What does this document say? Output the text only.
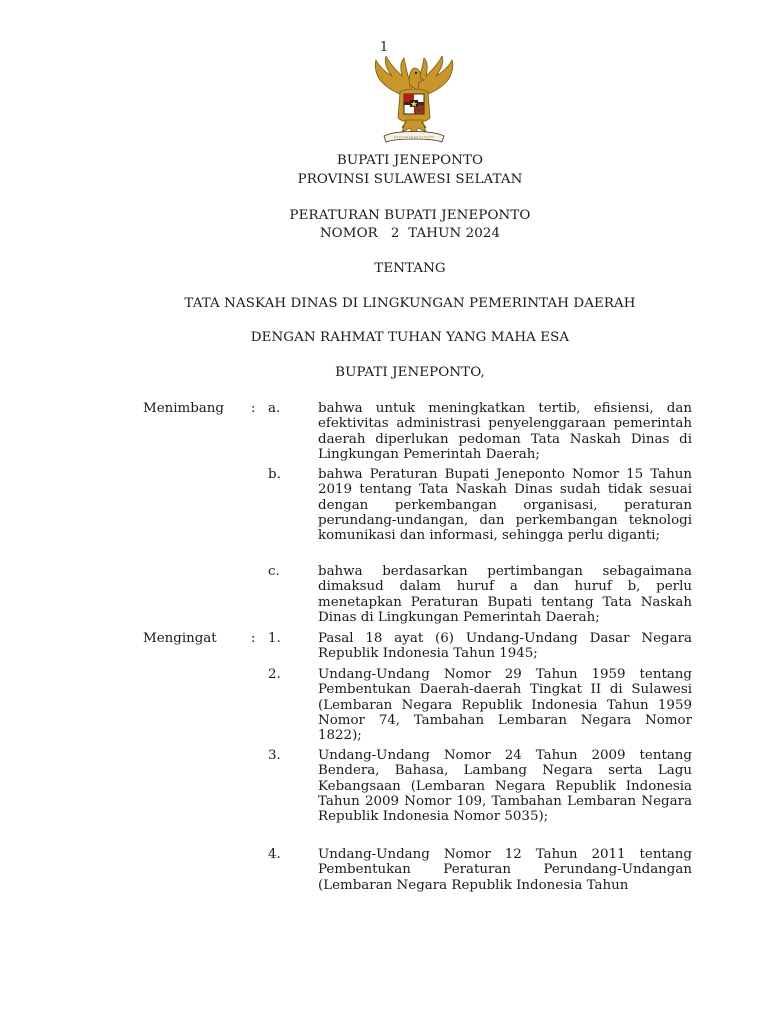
1
BUPATI JENEPONTO
PROVINSI SULAWESI SELATAN
PERATURAN BUPATI JENEPONTO
NOMOR   2  TAHUN 2024
TENTANG
TATA NASKAH DINAS DI LINGKUNGAN PEMERINTAH DAERAH
DENGAN RAHMAT TUHAN YANG MAHA ESA
BUPATI JENEPONTO,
Menimbang : a.	bahwa untuk meningkatkan tertib, efisiensi, dan efektivitas administrasi penyelenggaraan pemerintah daerah diperlukan pedoman Tata Naskah Dinas di Lingkungan Pemerintah Daerah;
b.	bahwa Peraturan Bupati Jeneponto Nomor 15 Tahun 2019 tentang Tata Naskah Dinas sudah tidak sesuai dengan perkembangan organisasi, peraturan perundang-undangan, dan perkembangan teknologi komunikasi dan informasi, sehingga perlu diganti;
c.	bahwa berdasarkan pertimbangan sebagaimana dimaksud dalam huruf a dan huruf b, perlu menetapkan Peraturan Bupati tentang Tata Naskah Dinas di Lingkungan Pemerintah Daerah;
Mengingat	: 1.	Pasal 18 ayat (6) Undang-Undang Dasar Negara Republik Indonesia Tahun 1945;
2.	Undang-Undang Nomor 29 Tahun 1959 tentang Pembentukan Daerah-daerah Tingkat II di Sulawesi (Lembaran Negara Republik Indonesia Tahun 1959 Nomor 74, Tambahan Lembaran Negara Nomor 1822);
3.	Undang-Undang Nomor 24 Tahun 2009 tentang Bendera, Bahasa, Lambang Negara serta Lagu Kebangsaan (Lembaran Negara Republik Indonesia Tahun 2009 Nomor 109, Tambahan Lembaran Negara Republik Indonesia Nomor 5035);
4.	Undang-Undang Nomor 12 Tahun 2011 tentang Pembentukan Peraturan Perundang-Undangan (Lembaran Negara Republik Indonesia Tahun
